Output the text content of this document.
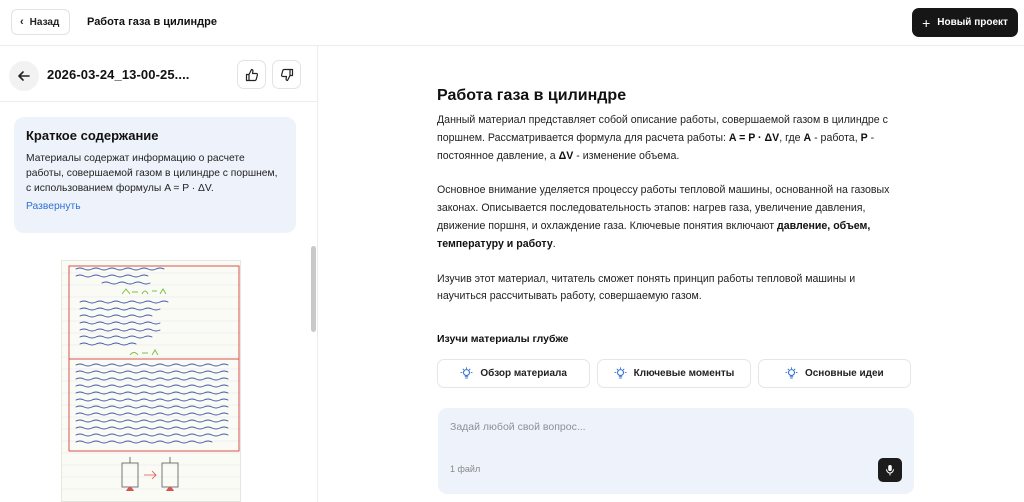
‹ Назад	Работа газа в цилиндре	+ Новый проект
2026-03-24_13-00-25....
Краткое содержание

Материалы содержат информацию о расчете работы, совершаемой газом в цилиндре с поршнем, с использованием формулы A = P · ΔV.

Развернуть
Работа газа в цилиндре

Данный материал представляет собой описание работы, совершаемой газом в цилиндре с поршнем. Рассматривается формула для расчета работы: A = P · ΔV, где A - работа, P - постоянное давление, а ΔV - изменение объема.

Основное внимание уделяется процессу работы тепловой машины, основанной на газовых законах. Описывается последовательность этапов: нагрев газа, увеличение давления, движение поршня, и охлаждение газа. Ключевые понятия включают давление, объем, температуру и работу.

Изучив этот материал, читатель сможет понять принцип работы тепловой машины и научиться рассчитывать работу, совершаемую газом.

Изучи материалы глубже
Обзор материала	Ключевые моменты	Основные идеи
Задай любой свой вопрос...
1 файл
